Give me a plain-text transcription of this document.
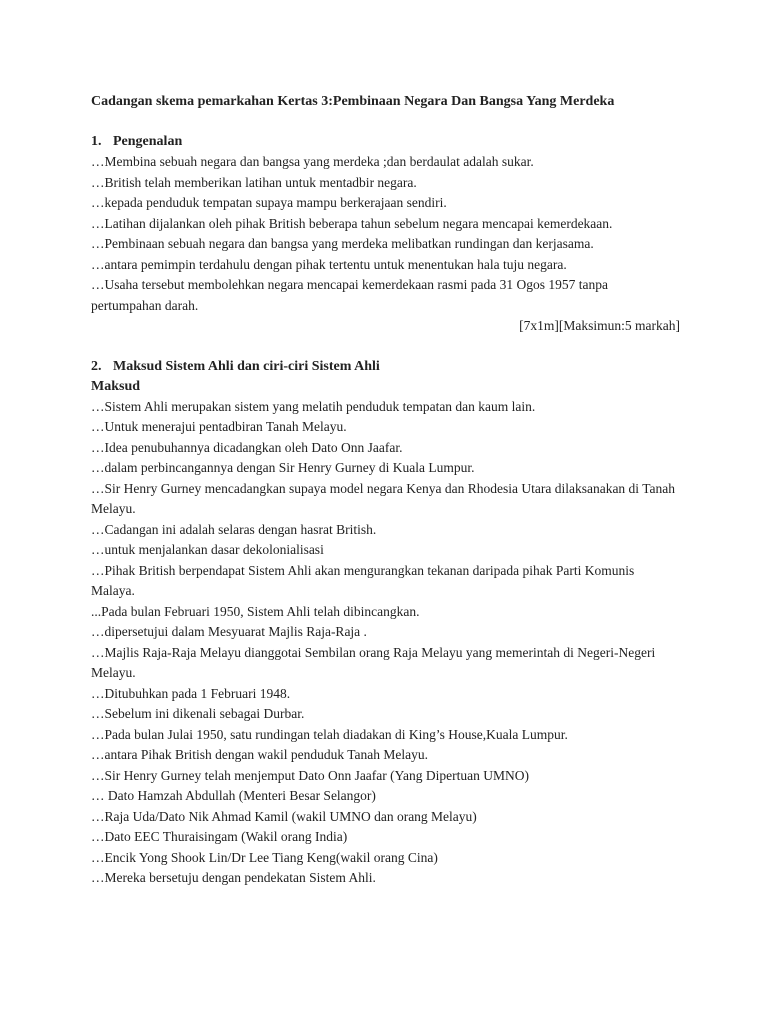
Cadangan skema pemarkahan Kertas 3:Pembinaan Negara Dan Bangsa Yang Merdeka

1. Pengenalan

…Membina sebuah negara dan bangsa yang merdeka ;dan berdaulat adalah sukar.

…British telah memberikan latihan untuk mentadbir negara.

…kepada penduduk tempatan supaya mampu berkerajaan sendiri.

…Latihan dijalankan oleh pihak British beberapa tahun sebelum negara mencapai kemerdekaan.

…Pembinaan sebuah negara dan bangsa yang merdeka melibatkan rundingan dan kerjasama.

…antara pemimpin terdahulu dengan pihak tertentu untuk menentukan hala tuju negara.

…Usaha tersebut membolehkan negara mencapai kemerdekaan rasmi pada 31 Ogos 1957 tanpa pertumpahan darah.

[7x1m][Maksimun:5 markah]

2. Maksud Sistem Ahli dan ciri-ciri Sistem Ahli

Maksud

…Sistem Ahli merupakan sistem yang melatih penduduk tempatan dan kaum lain.

…Untuk menerajui pentadbiran Tanah Melayu.

…Idea penubuhannya dicadangkan oleh Dato Onn Jaafar.

…dalam perbincangannya dengan Sir Henry Gurney di Kuala Lumpur.

…Sir Henry Gurney mencadangkan supaya model negara Kenya dan Rhodesia Utara dilaksanakan di Tanah Melayu.

…Cadangan ini adalah selaras dengan hasrat British.

…untuk menjalankan dasar dekolonialisasi

…Pihak British berpendapat Sistem Ahli akan mengurangkan tekanan daripada pihak Parti Komunis Malaya.

...Pada bulan Februari 1950, Sistem Ahli telah dibincangkan.

…dipersetujui dalam Mesyuarat Majlis Raja-Raja .

…Majlis Raja-Raja Melayu dianggotai Sembilan orang Raja Melayu yang memerintah di Negeri-Negeri Melayu.

…Ditubuhkan pada 1 Februari 1948.

…Sebelum ini dikenali sebagai Durbar.

…Pada bulan Julai 1950, satu rundingan telah diadakan di King’s House,Kuala Lumpur.

…antara Pihak British dengan wakil penduduk Tanah Melayu.

…Sir Henry Gurney telah menjemput Dato Onn Jaafar (Yang Dipertuan UMNO)

… Dato Hamzah Abdullah (Menteri Besar Selangor)

…Raja Uda/Dato Nik Ahmad Kamil (wakil UMNO dan orang Melayu)

…Dato EEC Thuraisingam (Wakil orang India)

…Encik Yong Shook Lin/Dr Lee Tiang Keng(wakil orang Cina)

…Mereka bersetuju dengan pendekatan Sistem Ahli.
